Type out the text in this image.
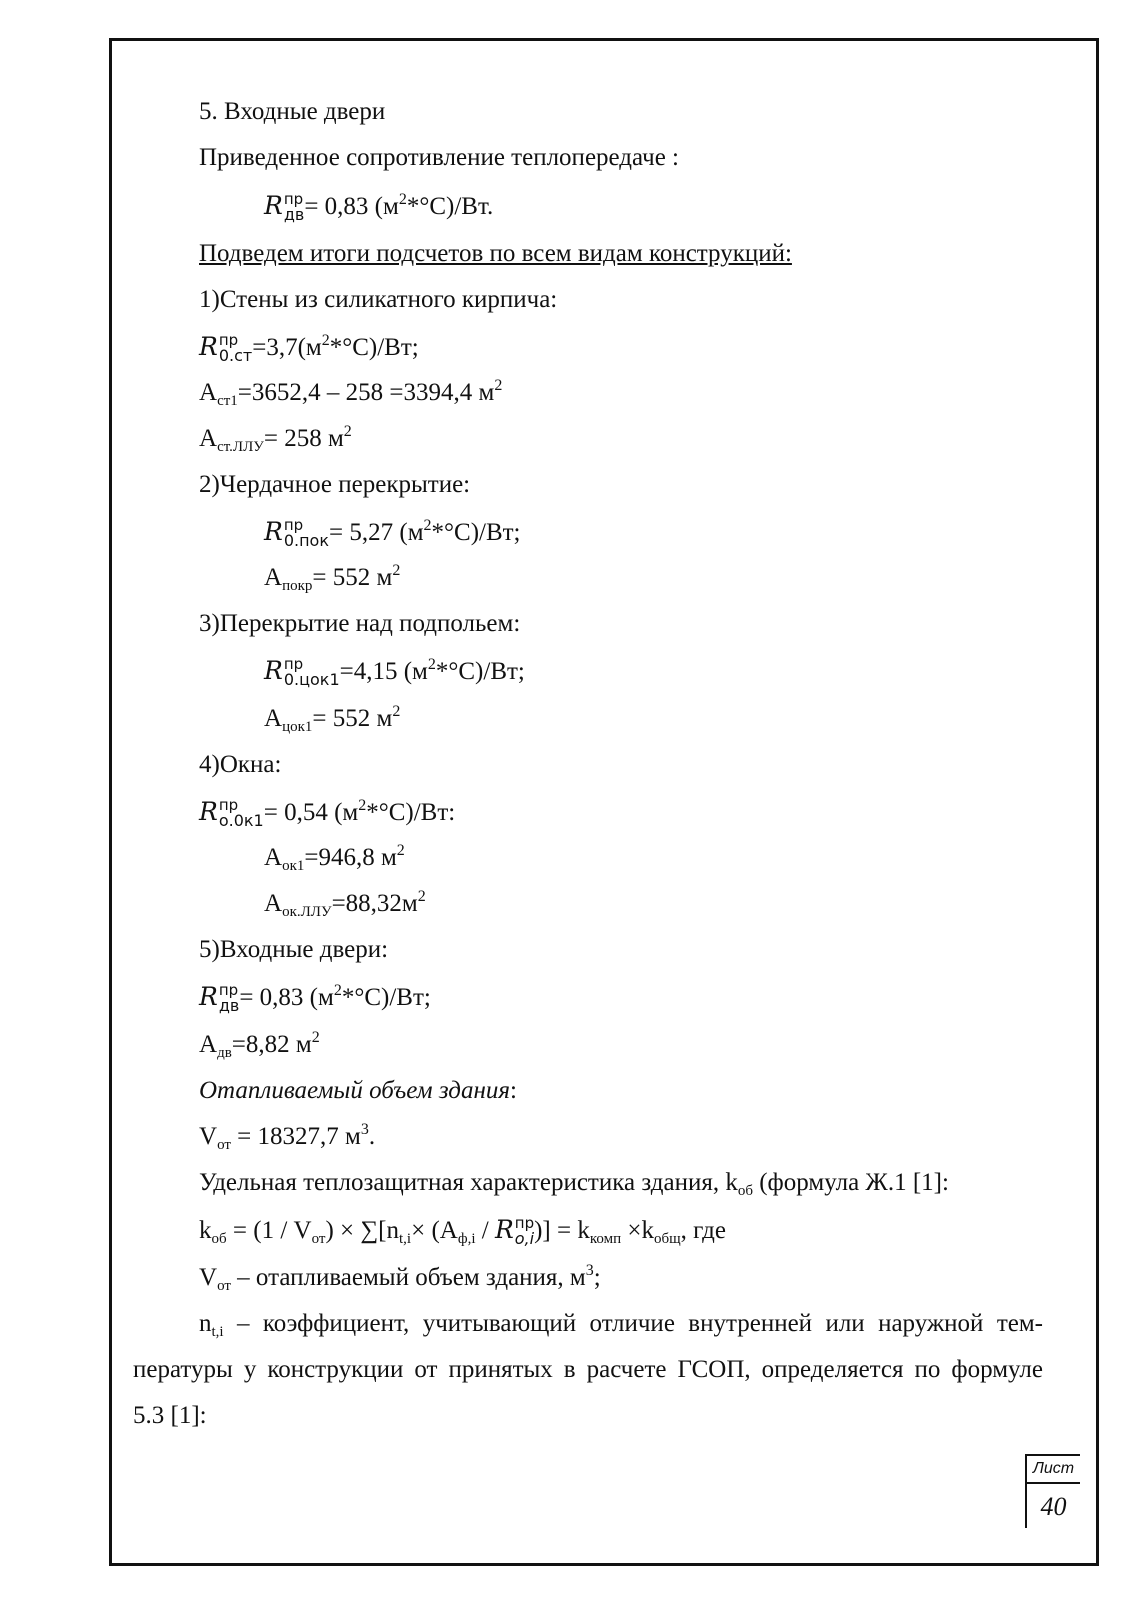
5. Входные двери
Приведенное сопротивление теплопередаче :
R пр
дв = 0,83 $(м^2*^\circ С)/Вт$.
Подведем итоги подсчетов по всем видам конструкций:
1)Стены из силикатного кирпича:
R пр
$0.ст =3,7(м^2*^\circ С)/Вт$;
$A_{ст1}=3652,4 - 258 =3394,4$ $м^2$
$A_{ст.ЛЛУ}= 258$ $м^2$
2)Чердачное перекрытие:
R пр
0.пок = 5,27 $(м^2*^\circ С)/Вт$;
$A_{покр}= 552$ $м^2$
3)Перекрытие над подпольем:
R пр
0.цок1 =4,15 $(м^2*^\circ С)/Вт$;
$A_{цок1}= 552$ $м^2$
4)Окна:
R пр
о.0к1 = 0,54 $(м^2*^\circ С)/Вт$:
$A_{ок1}=946,8$ $м^2$
$A_{ок.ЛЛУ}=88,32м^2$
5)Входные двери:
R пр
дв = 0,83 $(м^2*^\circ С)/Вт$;
$A_{дв}=8,82$ $м^2$
Отапливаемый объем здания:
$V_{от} = 18327,7$ $м^3$.
Удельная теплозащитная характеристика здания, $k_{об}$ (формула Ж.1 [1]:
$k_{об} = (1 / V_{от}) \times \sum[n_{t,i}\times (A_{ф,i} / R$ пр
o,i )] = $k_{комп} \times k_{общ}$, где
$V_{от}$ – отапливаемый объем здания, $м^3$;
$n_{t,i}$ – коэффициент, учитывающий отличие внутренней или наружной тем-
пературы у конструкции от принятых в расчете ГСОП, определяется по формуле
5.3 [1]:
Лист
40
